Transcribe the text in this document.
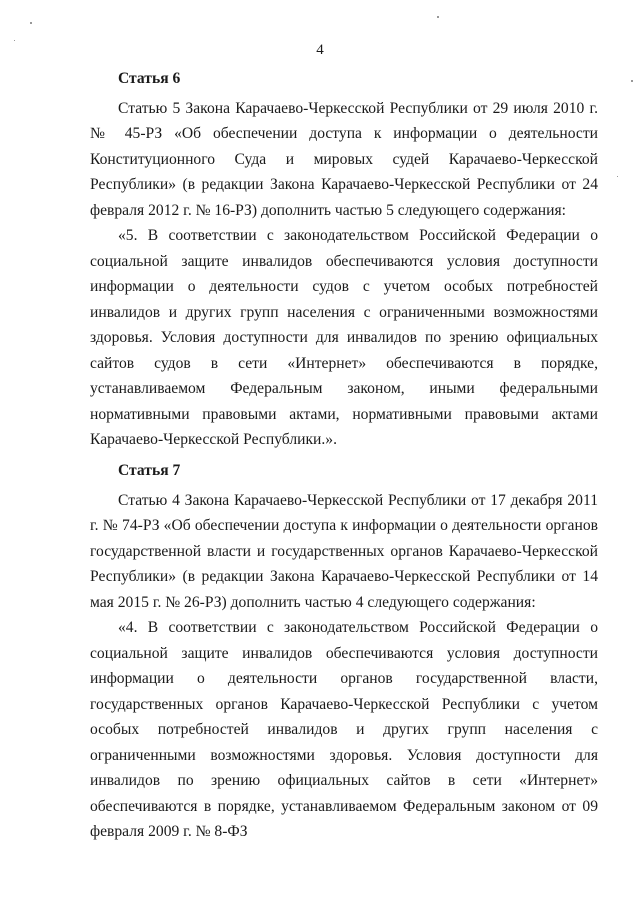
4
Статья 6

Статью 5 Закона Карачаево-Черкесской Республики от 29 июля 2010 г. № 45-РЗ «Об обеспечении доступа к информации о деятельности Конституционного Суда и мировых судей Карачаево-Черкесской Республики» (в редакции Закона Карачаево-Черкесской Республики от 24 февраля 2012 г. № 16-РЗ) дополнить частью 5 следующего содержания:

«5. В соответствии с законодательством Российской Федерации о социальной защите инвалидов обеспечиваются условия доступности информации о деятельности судов с учетом особых потребностей инвалидов и других групп населения с ограниченными возможностями здоровья. Условия доступности для инвалидов по зрению официальных сайтов судов в сети «Интернет» обеспечиваются в порядке, устанавливаемом Федеральным законом, иными федеральными нормативными правовыми актами, нормативными правовыми актами Карачаево-Черкесской Республики.».

Статья 7

Статью 4 Закона Карачаево-Черкесской Республики от 17 декабря 2011 г. № 74-РЗ «Об обеспечении доступа к информации о деятельности органов государственной власти и государственных органов Карачаево-Черкесской Республики» (в редакции Закона Карачаево-Черкесской Республики от 14 мая 2015 г. № 26-РЗ) дополнить частью 4 следующего содержания:

«4. В соответствии с законодательством Российской Федерации о социальной защите инвалидов обеспечиваются условия доступности информации о деятельности органов государственной власти, государственных органов Карачаево-Черкесской Республики с учетом особых потребностей инвалидов и других групп населения с ограниченными возможностями здоровья. Условия доступности для инвалидов по зрению официальных сайтов в сети «Интернет» обеспечиваются в порядке, устанавливаемом Федеральным законом от 09 февраля 2009 г. № 8-ФЗ
